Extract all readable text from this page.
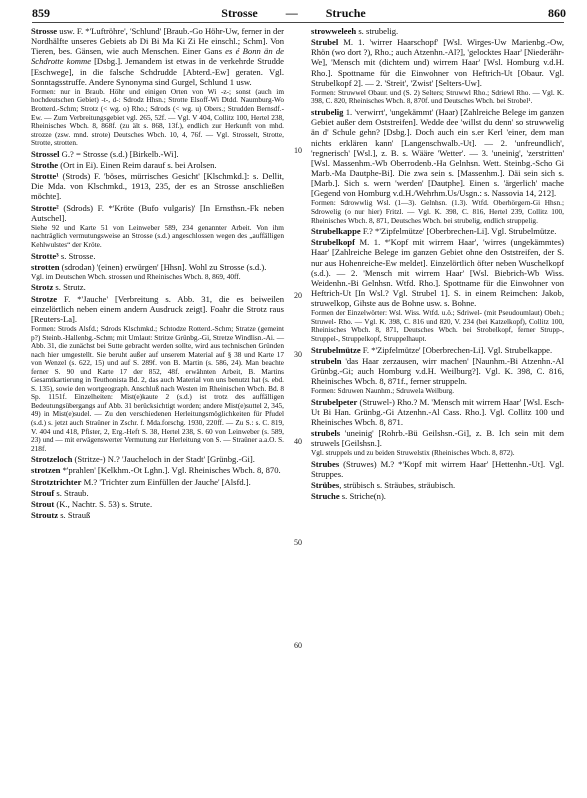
859	Strosse — Struche	860

Strosse usw. F. *'Luftröhre', 'Schlund' [Braub.-Go Höhr-Uw, ferner in der Nordhälfte unseres Gebiets ab Di Bi Ma Ki Zi He einschl.; Schm]. Von Tieren, bes. Gänsen, wie auch Menschen. Einer Gans es é Bonn än de Schdrotte komme [Dsbg.]. Jemandem ist etwas in de verkehrde Strudde [Eschwege], in die falsche Schdrudde [Abterd.-Ew] geraten. Vgl. Sonntagsstruffe. Andere Synonyma sind Gurgel, Schlund 1 usw.

Formen: nur in Braub. Höhr und einigen Orten von Wi -z-; sonst (auch im hochdeutschen Gebiet) -t-, d-: Sdrodz Hhsn.; Strotte Elsoff-Wi Dtdd. Naumburg-Wo Brotterd.-Schm; Strotz (< wg. o) Rho.; Sdrods (< wg. u) Obers.; Strudden Bernsdf.-Ew. — Zum Verbreitungsgebiet vgl. 265, 52f. — Vgl. V 404, Collitz 100, Hertel 238, Rheinisches Wbch. 8, 868f. (zu ält s. 868, 13f.), endlich zur Herkunft von mhd. strozze (zsw. mnd. strote) Deutsches Wbch. 10, 4, 76f. — Vgl. Strosselt, Strotte, Strotte, strotten.

Strossel G.? = Strosse (s.d.) [Birkelb.-Wi].

Strothe (Ort in Ei). Einen Reim darauf s. bei Arolsen.

Strotte¹ (Strods) F. 'böses, mürrisches Gesicht' [Klschmkd.]: s. Dellit, Die Mda. von Klschmkd., 1913, 235, der es an Strosse anschließen möchte].

Strotte² (Sdrods) F. *'Kröte (Bufo vulgaris)' [In Ernsthsn.-Fk neben Autschel].

Siehe 92 und Karte 51 von Leinweber 589, 234 genannter Arbeit. Von ihm nachträglich vermutungsweise an Strosse (s.d.) angeschlossen wegen des „auffälligen Kehlwulstes“ der Kröte.

Strotte³ s. Strosse.

strotten (sdrodən) '(einen) erwürgen' [Hhsn]. Wohl zu Strosse (s.d.).

Vgl. im Deutschen Wbch. strossen und Rheinisches Wbch. 8, 869, 40ff.

Strotz s. Strutz.

Strotze F. *'Jauche' [Verbreitung s. Abb. 31, die es beiweilen einzelörtlich neben einem andern Ausdruck zeigt]. Foahr die Strotz raus [Reuters-La].

Formen: Strods Alsfd.; Sdrods Klschmkd.; Schtodze Rotterd.-Schm; Stratze (gemeint p?) Steinb.-Hallenbg.-Schm; mit Umlaut: Stritze Grünbg.-Gi, Stretze Windlisn.-Ai. — Abb. 31, die zunächst bei Sutte gebracht werden sollte, wird aus technischen Gründen nach hier umgestellt. Sie beruht außer auf unserem Material auf § 38 und Karte 17 von Wenzel (s. 622, 15) und auf S. 289f. von B. Martin (s. 586, 24). Man beachte ferner S. 90 und Karte 17 der 852, 48f. erwähnten Arbeit, B. Martins Gesamtkartierung in Teuthonista Bd. 2, das auch Material von uns benutzt hat (s. ebd. S. 135), sowie den wortgeograph. Anschluß nach Westen im Rheinischen Wbch. Bd. 8 Sp. 1151f. Einzelheiten: Mist(e)kaute 2 (s.d.) ist trotz des auffälligen Bedeutungsübergangs auf Abb. 31 berücksichtigt worden; andere Mist(e)suttel 2, 345, 49) in Mist(e)sudel. — Zu den verschiedenen Herleitungsmöglichkeiten für Pfudel (s.d.) s. jetzt auch Straüner in Zschr. f. Mda.forschg. 1930, 220ff. — Zu S.: s. C. 819, V. 404 und 418, Pfister, 2, Erg.-Heft S. 38, Hertel 238, S. 60 von Leinweber (s. 589, 23) und — mit erwägenswerter Vermutung zur Herleitung von S. — Straüner a.a.O. S. 218f.

Strotzeloch (Stritze-) N.? 'Jaucheloch in der Stadt' [Grünbg.-Gi].

strotzen *'prahlen' [Kelkhm.-Ot Lghn.]. Vgl. Rheinisches Wbch. 8, 870.

Strotztrichter M.? 'Trichter zum Einfüllen der Jauche' [Alsfd.].

Strouf s. Straub.

Strout (K., Nachtr. S. 53) s. Strute.

Stroutz s. Strauß

strowweleeh s. strubelig.

Strubel M. 1. 'wirrer Haarschopf' [Wsl. Wirges-Uw Marienbg.-Ow, Rhön (wo dort ?), Rho.; auch Atzenhn.-Al?], 'gelocktes Haar' [Niederähr-We], 'Mensch mit (dichtem und) wirrem Haar' [Wsl. Homburg v.d.H. Rho.]. Spottname für die Einwohner von Heftrich-Ut [Obaur. Vgl. Strubelkopf 2]. — 2. 'Streit', 'Zwist' [Selters-Uw].

Formen: Struwwel Obaur. und (S. 2) Selters; Struwwl Rho.; Sdriewl Rho. — Vgl. K. 398, C. 820, Rheinisches Wbch. 8, 870f. und Deutsches Wbch. bei Strobel¹.

strubelig 1. 'verwirrt', 'ungekämmt' (Haar) [Zahlreiche Belege im ganzen Gebiet außer dem Oststreifen]. Wedde dee 'willst du denn' so struwwelig än d' Schule gehn? [Dsbg.]. Doch auch ein s.er Kerl 'einer, dem man nichts erklären kann' [Langenschwalb.-Ut]. — 2. 'unfreundlich', 'regnerisch' [Wsl.], z. B. s. Wääre 'Wetter'. — 3. 'uneinig', 'zerstritten' [Wsl. Massenhm.-Wb Oberrodenb.-Ha Gelnhsn. Wett. Steinbg.-Scho Gi Marb.-Ma Dautphe-Bi]. Die zwa sein s. [Massenhm.]. Däi sein sich s. [Marb.]. Sich s. wern 'werden' [Dautphe]. Einen s. 'ärgerlich' mache [Gegend von Homburg v.d.H./Wehrhm.Us/Usgn.: s. Nassovia 14, 212].

Formen: Sdrowwlig Wsl. (1—3). Gelnhsn. (1.3). Wtfd. Oberhörgern-Gi Hhsn.; Sdrowelig (o nur hier) Fritzl. — Vgl. K. 398, C. 816, Hertel 239, Collitz 100, Rheinisches Wbch. 8, 871, Deutsches Wbch. bei strubelig, endlich struppelig.

Strubelkappe F.? *'Zipfelmütze' [Oberbrechen-Li]. Vgl. Strubelmütze.

Strubelkopf M. 1. *'Kopf mit wirrem Haar', 'wirres (ungekämmtes) Haar' [Zahlreiche Belege im ganzen Gebiet ohne den Oststreifen, der S. nur aus Hohenreiche-Ew meldet]. Einzelörtlich öfter neben Wuschelkopf (s.d.). — 2. 'Mensch mit wirrem Haar' [Wsl. Biebrich-Wb Wiss. Weidenhn.-Bi Gelnhsn. Wtfd. Rho.]. Spottname für die Einwohner von Heftrich-Ut [In Wsl.? Vgl. Strubel 1]. S. in einem Reimchen: Jakob, struwelkop, Gihste aus de Bohne usw. s. Bohne.

Formen der Einzelwörter: Wsl. Wiss. Wtfd. u.ö.; Sdriwel- (mit Pseudoumlaut) Obeh.; Struwel- Rho. — Vgl. K. 398, C. 816 und 820, V. 234 (bei Katzelkopf), Collitz 100, Rheinisches Wbch. 8, 871, Deutsches Wbch. bei Strobelkopf, ferner Strupp-, Struppel-, Struppelkopf, Struppelhaupt.

Strubelmütze F. *'Zipfelmütze' [Oberbrechen-Li]. Vgl. Strubelkappe.

strubeln 'das Haar zerzausen, wirr machen' [Naunhm.-Bi Atzenhn.-Al Grünbg.-Gi; auch Homburg v.d.H. Weilburg?]. Vgl. K. 398, C. 816, Rheinisches Wbch. 8, 871f., ferner struppeln.

Formen: Sdruwen Naunhm.; Sdruwela Weilburg.

Strubelpeter (Struwel-) Rho.? M. 'Mensch mit wirrem Haar' [Wsl. Esch-Ut Bi Han. Grünbg.-Gi Atzenhn.-Al Cass. Rho.]. Vgl. Collitz 100 und Rheinisches Wbch. 8, 871.

strubels 'uneinig' [Rohrb.-Bü Geilshsn.-Gi], z. B. Ich sein mit dem struwels [Geilshsn.].

Vgl. struppels und zu beiden Struwelstix (Rheinisches Wbch. 8, 872).

Strubes (Struwes) M.? *'Kopf mit wirrem Haar' [Hettenhn.-Ut]. Vgl. Struppes.

Strübes, strübisch s. Sträubes, sträubisch.

Struche s. Striche(n).

10
20
30
40
50
60
